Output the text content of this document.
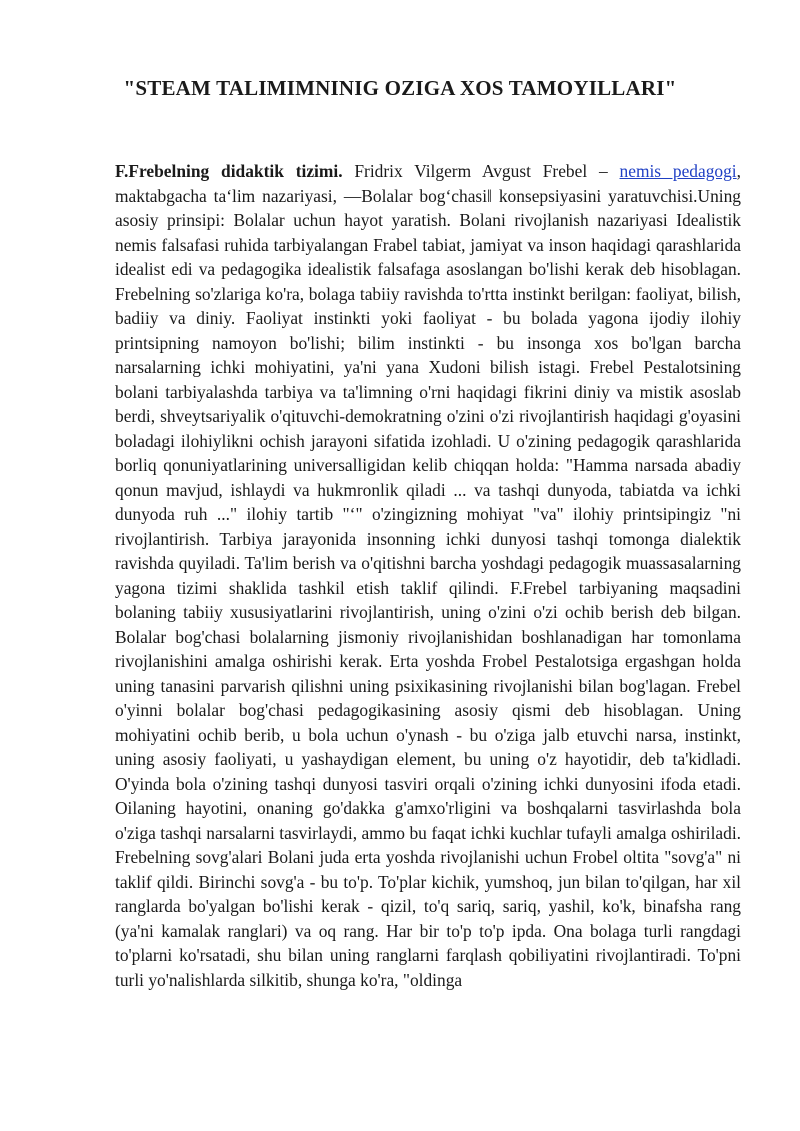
"STEAM TALIMIMNINIG OZIGA XOS TAMOYILLARI"

F.Frebelning didaktik tizimi. Fridrix Vilgerm Avgust Frebel – nemis pedagogi, maktabgacha ta‘lim nazariyasi, ―Bolalar bog‘chasi‖ konsepsiyasini yaratuvchisi.Uning asosiy prinsipi: Bolalar uchun hayot yaratish. Bolani rivojlanish nazariyasi Idealistik nemis falsafasi ruhida tarbiyalangan Frabel tabiat, jamiyat va inson haqidagi qarashlarida idealist edi va pedagogika idealistik falsafaga asoslangan bo'lishi kerak deb hisoblagan. Frebelning so'zlariga ko'ra, bolaga tabiiy ravishda to'rtta instinkt berilgan: faoliyat, bilish, badiiy va diniy. Faoliyat instinkti yoki faoliyat - bu bolada yagona ijodiy ilohiy printsipning namoyon bo'lishi; bilim instinkti - bu insonga xos bo'lgan barcha narsalarning ichki mohiyatini, ya'ni yana Xudoni bilish istagi. Frebel Pestalotsining bolani tarbiyalashda tarbiya va ta'limning o'rni haqidagi fikrini diniy va mistik asoslab berdi, shveytsariyalik o'qituvchi-demokratning o'zini o'zi rivojlantirish haqidagi g'oyasini boladagi ilohiylikni ochish jarayoni sifatida izohladi. U o'zining pedagogik qarashlarida borliq qonuniyatlarining universalligidan kelib chiqqan holda: "Hamma narsada abadiy qonun mavjud, ishlaydi va hukmronlik qiladi ... va tashqi dunyoda, tabiatda va ichki dunyoda ruh ..." ilohiy tartib "‘" o'zingizning mohiyat "va" ilohiy printsipingiz "ni rivojlantirish. Tarbiya jarayonida insonning ichki dunyosi tashqi tomonga dialektik ravishda quyiladi. Ta'lim berish va o'qitishni barcha yoshdagi pedagogik muassasalarning yagona tizimi shaklida tashkil etish taklif qilindi. F.Frebel tarbiyaning maqsadini bolaning tabiiy xususiyatlarini rivojlantirish, uning o'zini o'zi ochib berish deb bilgan. Bolalar bog'chasi bolalarning jismoniy rivojlanishidan boshlanadigan har tomonlama rivojlanishini amalga oshirishi kerak. Erta yoshda Frobel Pestalotsiga ergashgan holda uning tanasini parvarish qilishni uning psixikasining rivojlanishi bilan bog'lagan. Frebel o'yinni bolalar bog'chasi pedagogikasining asosiy qismi deb hisoblagan. Uning mohiyatini ochib berib, u bola uchun o'ynash - bu o'ziga jalb etuvchi narsa, instinkt, uning asosiy faoliyati, u yashaydigan element, bu uning o'z hayotidir, deb ta'kidladi. O'yinda bola o'zining tashqi dunyosi tasviri orqali o'zining ichki dunyosini ifoda etadi. Oilaning hayotini, onaning go'dakka g'amxo'rligini va boshqalarni tasvirlashda bola o'ziga tashqi narsalarni tasvirlaydi, ammo bu faqat ichki kuchlar tufayli amalga oshiriladi. Frebelning sovg'alari Bolani juda erta yoshda rivojlanishi uchun Frobel oltita "sovg'a" ni taklif qildi. Birinchi sovg'a - bu to'p. To'plar kichik, yumshoq, jun bilan to'qilgan, har xil ranglarda bo'yalgan bo'lishi kerak - qizil, to'q sariq, sariq, yashil, ko'k, binafsha rang (ya'ni kamalak ranglari) va oq rang. Har bir to'p to'p ipda. Ona bolaga turli rangdagi to'plarni ko'rsatadi, shu bilan uning ranglarni farqlash qobiliyatini rivojlantiradi. To'pni turli yo'nalishlarda silkitib, shunga ko'ra, "oldinga
